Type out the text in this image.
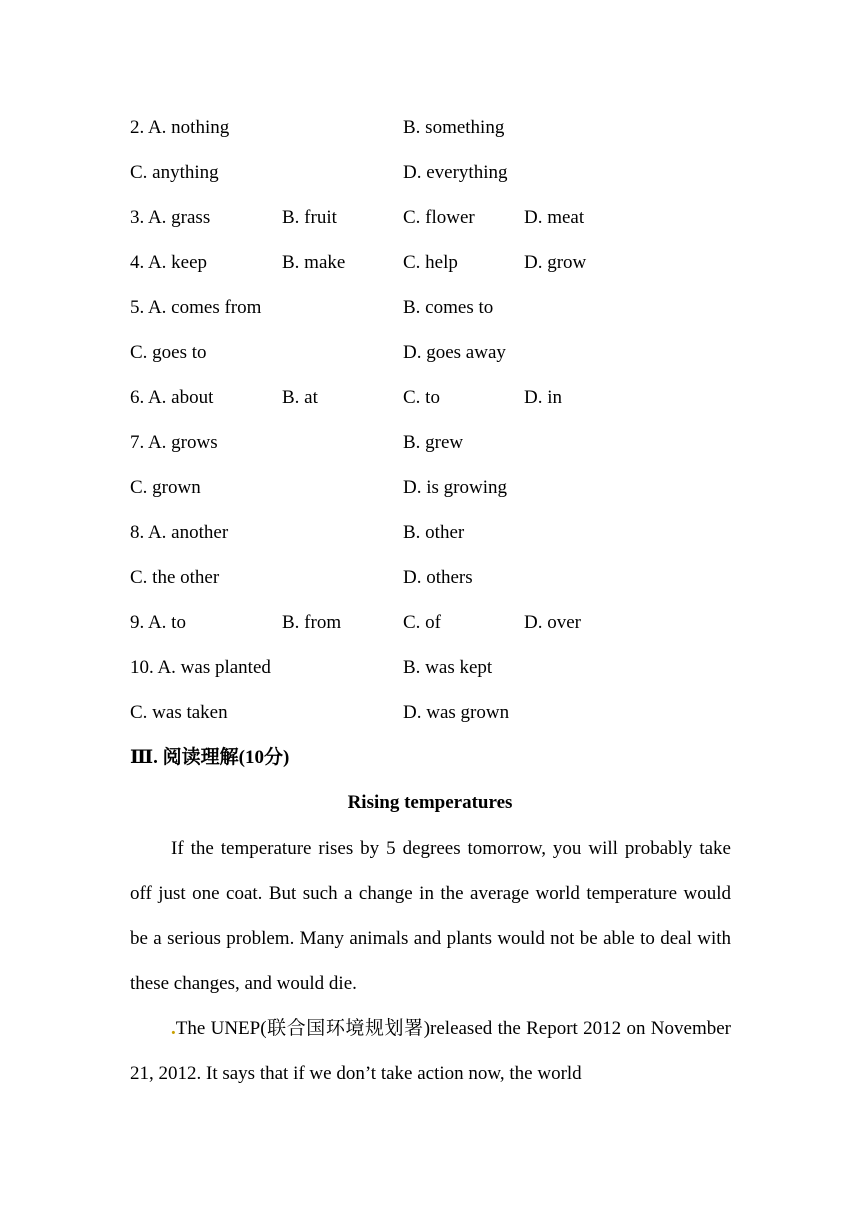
2. A. nothing	B. something
C. anything	D. everything
3. A. grass	B. fruit	C. flower	D. meat
4. A. keep	B. make	C. help	D. grow
5. A. comes from	B. comes to
C. goes to	D. goes away
6. A. about	B. at	C. to	D. in
7. A. grows	B. grew
C. grown	D. is growing
8. A. another	B. other
C. the other	D. others
9. A. to	B. from	C. of	D. over
10. A. was planted	B. was kept
C. was taken	D. was grown
Ⅲ. 阅读理解(10分)
Rising temperatures

If the temperature rises by 5 degrees tomorrow, you will probably take off just one coat. But such a change in the average world temperature would be a serious problem. Many animals and plants would not be able to deal with these changes, and would die.

.The UNEP(联合国环境规划署)released the Report 2012 on November 21, 2012. It says that if we don’t take action now, the world
